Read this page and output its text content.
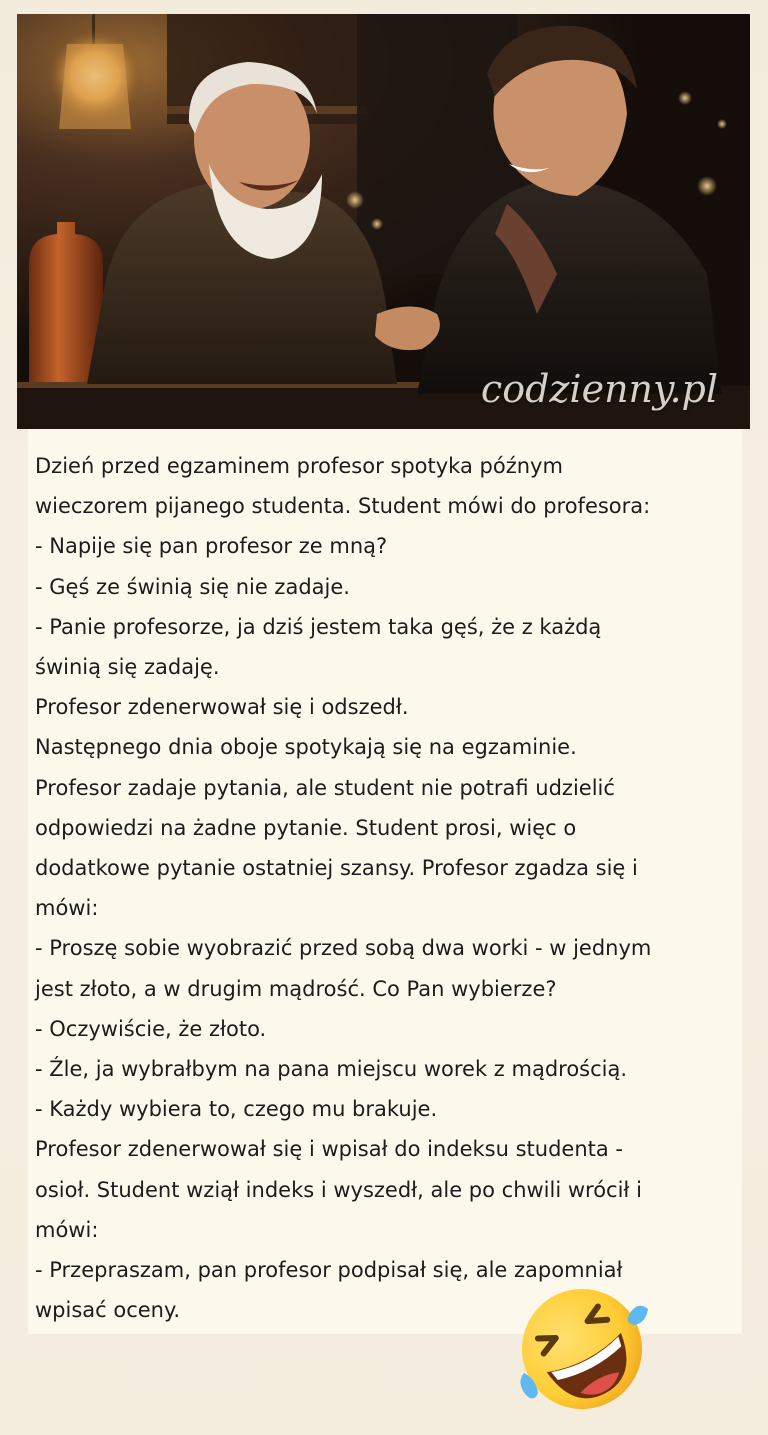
codzienny.pl
Dzień przed egzaminem profesor spotyka późnym
wieczorem pijanego studenta. Student mówi do profesora:
- Napije się pan profesor ze mną?
- Gęś ze świnią się nie zadaje.
- Panie profesorze, ja dziś jestem taka gęś, że z każdą
świnią się zadaję.
Profesor zdenerwował się i odszedł.
Następnego dnia oboje spotykają się na egzaminie.
Profesor zadaje pytania, ale student nie potrafi udzielić
odpowiedzi na żadne pytanie. Student prosi, więc o
dodatkowe pytanie ostatniej szansy. Profesor zgadza się i
mówi:
- Proszę sobie wyobrazić przed sobą dwa worki - w jednym
jest złoto, a w drugim mądrość. Co Pan wybierze?
- Oczywiście, że złoto.
- Źle, ja wybrałbym na pana miejscu worek z mądrością.
- Każdy wybiera to, czego mu brakuje.
Profesor zdenerwował się i wpisał do indeksu studenta -
osioł. Student wziął indeks i wyszedł, ale po chwili wrócił i
mówi:
- Przepraszam, pan profesor podpisał się, ale zapomniał
wpisać oceny.
